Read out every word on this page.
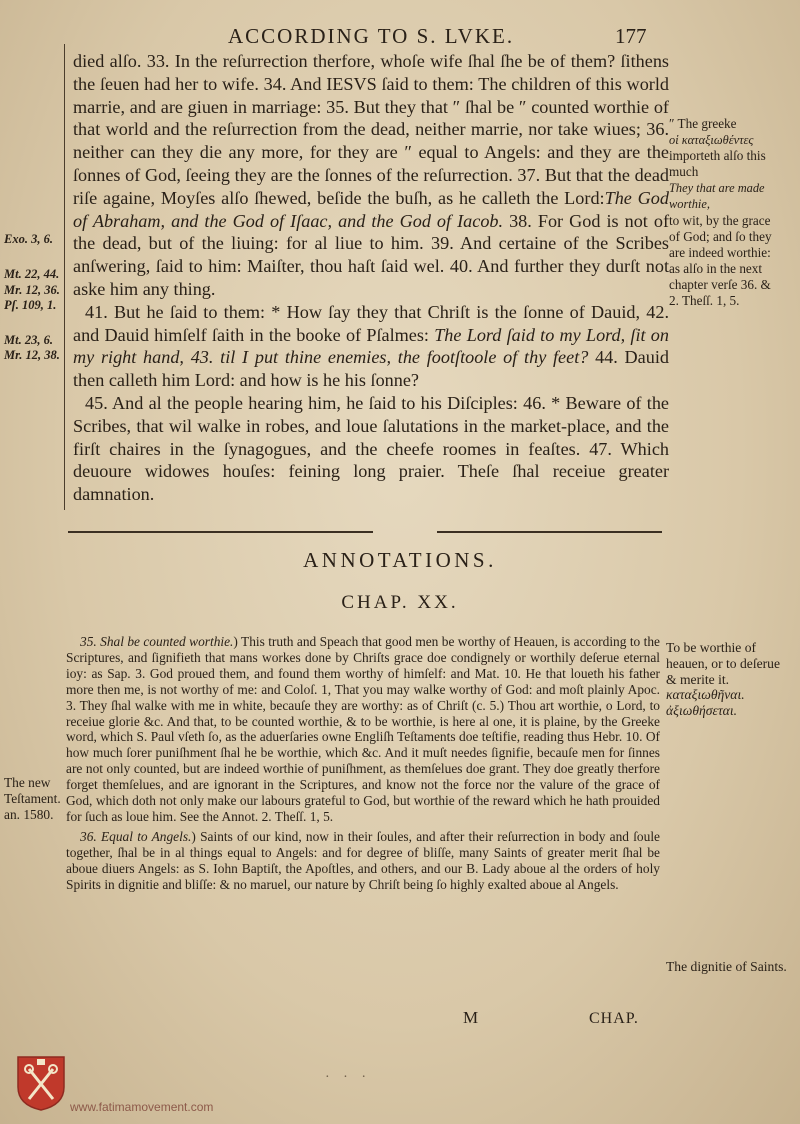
ACCORDING TO S. LVKE.	177

died alſo. 33. In the reſurrection therfore, whoſe wife ſhal ſhe be of them? ſithens the ſeuen had her to wife. 34. And IESVS ſaid to them: The children of this world marrie, and are giuen in marriage: 35. But they that ″ ſhal be ″ counted worthie of that world and the reſurrection from the dead, neither marrie, nor take wiues; 36. neither can they die any more, for they are ″ equal to Angels: and they are the ſonnes of God, ſeeing they are the ſonnes of the reſurrection. 37. But that the dead riſe againe, Moyſes alſo ſhewed, beſide the buſh, as he calleth the Lord:The God of Abraham, and the God of Iſaac, and the God of Iacob. 38. For God is not of the dead, but of the liuing: for al liue to him. 39. And certaine of the Scribes anſwering, ſaid to him: Maiſter, thou haſt ſaid wel. 40. And further they durſt not aske him any thing.

41. But he ſaid to them: * How ſay they that Chriſt is the ſonne of Dauid, 42. and Dauid himſelf ſaith in the booke of Pſalmes: The Lord ſaid to my Lord, ſit on my right hand, 43. til I put thine enemies, the footſtoole of thy feet? 44. Dauid then calleth him Lord: and how is he his ſonne?

45. And al the people hearing him, he ſaid to his Diſciples: 46. * Beware of the Scribes, that wil walke in robes, and loue ſalutations in the market-place, and the firſt chaires in the ſynagogues, and the cheefe roomes in feaſtes. 47. Which deuoure widowes houſes: feining long praier. Theſe ſhal receiue greater damnation.

″ The greeke
οἱ καταξιωθέντες
importeth alſo this much
They that are made worthie,
to wit, by the grace of God; and ſo they are indeed worthie: as alſo in the next chapter verſe 36. & 2. Theſſ. 1, 5.
Exo. 3, 6.
Mt. 22, 44. Mr. 12, 36. Pſ. 109, 1.
Mt. 23, 6. Mr. 12, 38.
ANNOTATIONS.
CHAP. XX.

35. Shal be counted worthie.) This truth and Speach that good men be worthy of Heauen, is according to the Scriptures, and ſignifieth that mans workes done by Chriſts grace doe condignely or worthily deſerue eternal ioy: as Sap. 3. God proued them, and found them worthy of himſelf: and Mat. 10. He that loueth his father more then me, is not worthy of me: and Coloſ. 1, That you may walke worthy of God: and moſt plainly Apoc. 3. They ſhal walke with me in white, becauſe they are worthy: as of Chriſt (c. 5.) Thou art worthie, o Lord, to receiue glorie &c. And that, to be counted worthie, & to be worthie, is here al one, it is plaine, by the Greeke word, which S. Paul vſeth ſo, as the aduerſaries owne Engliſh Teſtaments doe teſtifie, reading thus Hebr. 10. Of how much ſorer puniſhment ſhal he be worthie, which &c. And it muſt needes ſignifie, becauſe men for ſinnes are not only counted, but are indeed worthie of puniſhment, as themſelues doe grant. They doe greatly therfore forget themſelues, and are ignorant in the Scriptures, and know not the force nor the valure of the grace of God, which doth not only make our labours grateful to God, but worthie of the reward which he hath prouided for ſuch as loue him. See the Annot. 2. Theſſ. 1, 5.

36. Equal to Angels.) Saints of our kind, now in their ſoules, and after their reſurrection in body and ſoule together, ſhal be in al things equal to Angels: and for degree of bliſſe, many Saints of greater merit ſhal be aboue diuers Angels: as S. Iohn Baptiſt, the Apoſtles, and others, and our B. Lady aboue al the orders of holy Spirits in dignitie and bliſſe: & no maruel, our nature by Chriſt being ſo highly exalted aboue al Angels.

To be worthie of heauen, or to deſerue & merite it.
καταξιωθῆναι. ἀξιωθήσεται.
The dignitie of Saints.
The new Teſtament. an. 1580.
M	CHAP.
· · ·
www.fatimamovement.com
